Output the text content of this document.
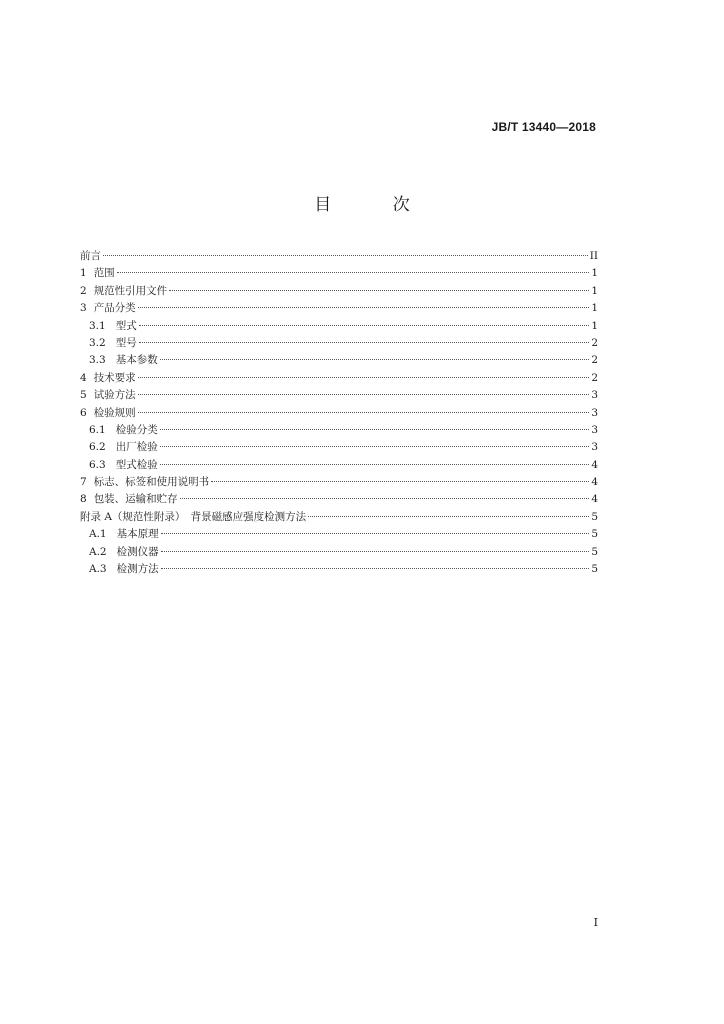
JB/T 13440—2018
目 次
前言	II
1 范围	1
2 规范性引用文件	1
3 产品分类	1
3.1 型式	1
3.2 型号	2
3.3 基本参数	2
4 技术要求	2
5 试验方法	3
6 检验规则	3
6.1 检验分类	3
6.2 出厂检验	3
6.3 型式检验	4
7 标志、标签和使用说明书	4
8 包装、运输和贮存	4
附录 A（规范性附录）　背景磁感应强度检测方法	5
A.1 基本原理	5
A.2 检测仪器	5
A.3 检测方法	5
I
